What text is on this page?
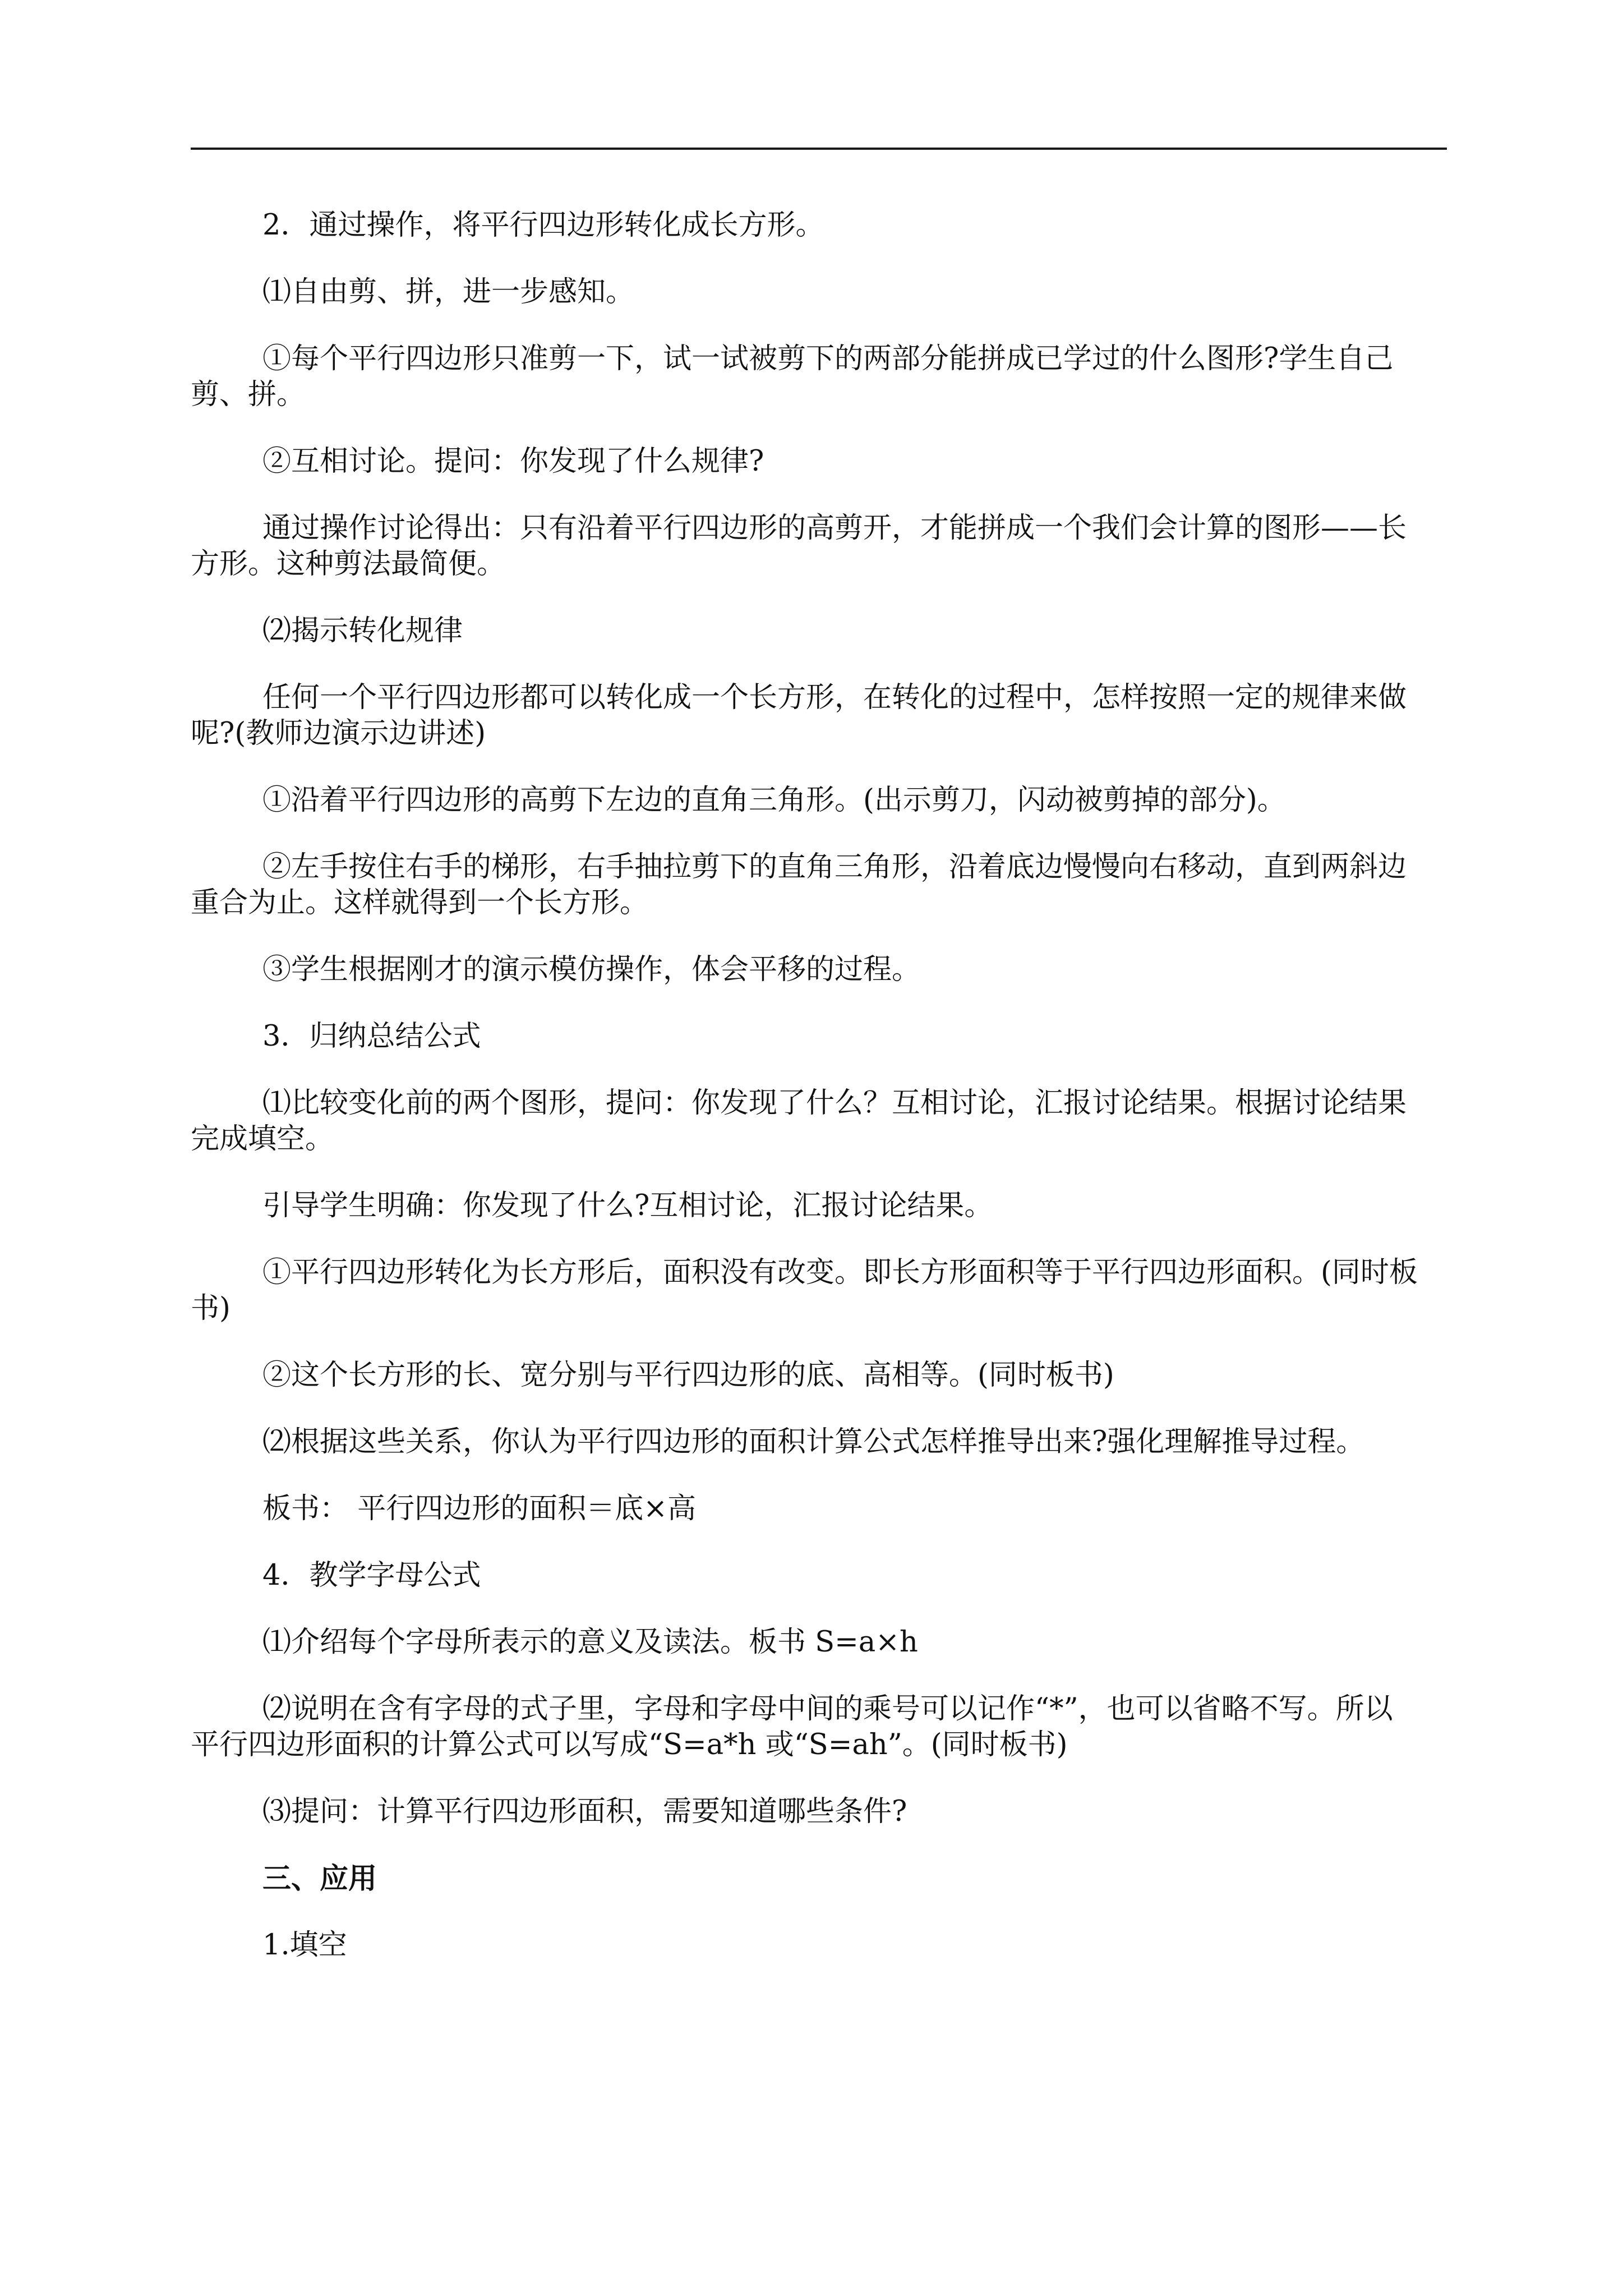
2．通过操作，将平行四边形转化成长方形。

⑴自由剪、拼，进一步感知。

①每个平行四边形只准剪一下，试一试被剪下的两部分能拼成已学过的什么图形?学生自己剪、拼。

②互相讨论。提问：你发现了什么规律?

通过操作讨论得出：只有沿着平行四边形的高剪开，才能拼成一个我们会计算的图形——长方形。这种剪法最简便。

⑵揭示转化规律

任何一个平行四边形都可以转化成一个长方形，在转化的过程中，怎样按照一定的规律来做呢?(教师边演示边讲述)

①沿着平行四边形的高剪下左边的直角三角形。(出示剪刀，闪动被剪掉的部分)。

②左手按住右手的梯形，右手抽拉剪下的直角三角形，沿着底边慢慢向右移动，直到两斜边重合为止。这样就得到一个长方形。

③学生根据刚才的演示模仿操作，体会平移的过程。

3．归纳总结公式

⑴比较变化前的两个图形，提问：你发现了什么？互相讨论，汇报讨论结果。根据讨论结果完成填空。

引导学生明确：你发现了什么?互相讨论，汇报讨论结果。

①平行四边形转化为长方形后，面积没有改变。即长方形面积等于平行四边形面积。(同时板书)

②这个长方形的长、宽分别与平行四边形的底、高相等。(同时板书)

⑵根据这些关系，你认为平行四边形的面积计算公式怎样推导出来?强化理解推导过程。

板书： 平行四边形的面积＝底×高

4．教学字母公式

⑴介绍每个字母所表示的意义及读法。板书 S=a×h

⑵说明在含有字母的式子里，字母和字母中间的乘号可以记作“*”，也可以省略不写。所以平行四边形面积的计算公式可以写成“S=a*h 或“S=ah”。(同时板书)

⑶提问：计算平行四边形面积，需要知道哪些条件?

三、应用

1.填空
